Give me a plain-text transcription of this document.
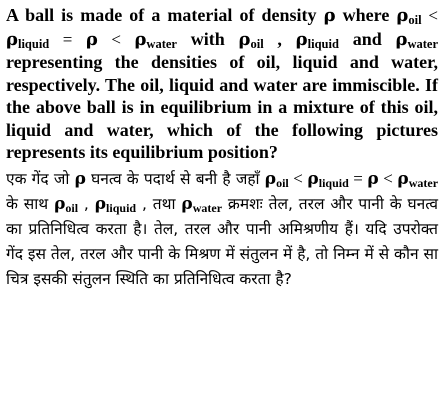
A ball is made of a material of density ρ where $\rho_{oil} < \rho_{liquid} = \rho < \rho_{water}$ with $\rho_{oil}$ , $\rho_{liquid}$ and $\rho_{water}$ representing the densities of oil, liquid and water, respectively. The oil, liquid and water are immiscible. If the above ball is in equilibrium in a mixture of this oil, liquid and water, which of the following pictures represents its equilibrium position?

एक गेंद जो ρ घनत्व के पदार्थ से बनी है जहाँ $\rho_{oil} < \rho_{liquid} = \rho < \rho_{water}$ के साथ $\rho_{oil}$ , $\rho_{liquid}$ , तथा $\rho_{water}$ क्रमशः तेल, तरल और पानी के घनत्व का प्रतिनिधित्व करता है। तेल, तरल और पानी अमिश्रणीय हैं। यदि उपरोक्त गेंद इस तेल, तरल और पानी के मिश्रण में संतुलन में है, तो निम्न में से कौन सा चित्र इसकी संतुलन स्थिति का प्रतिनिधित्व करता है?
